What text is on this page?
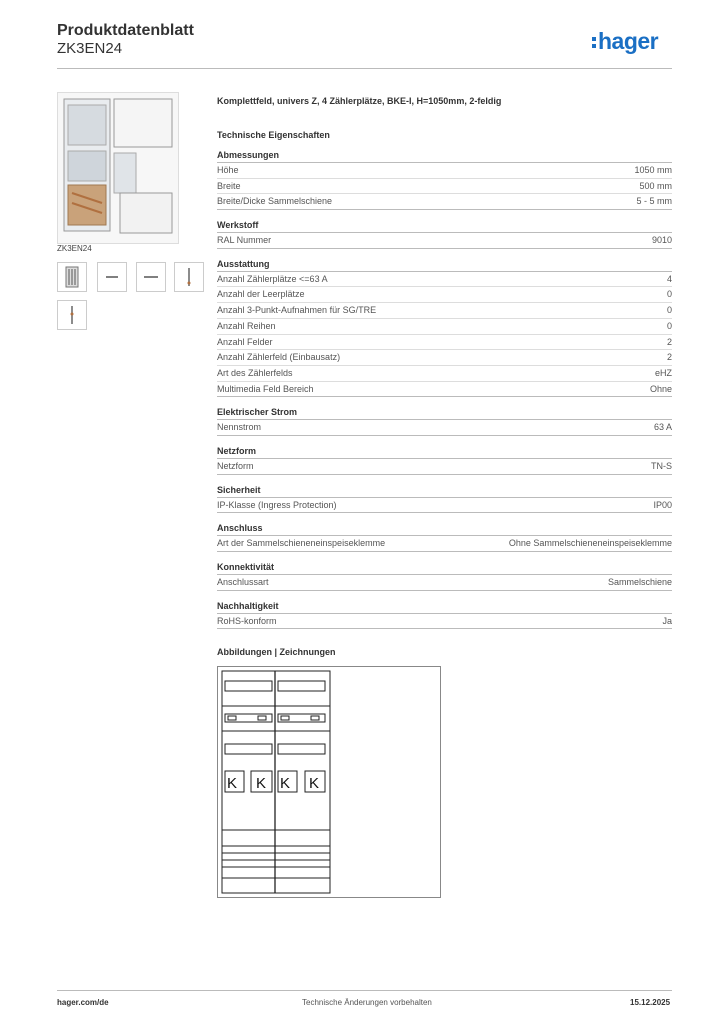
Produktdatenblatt
ZK3EN24	hager
ZK3EN24
Komplettfeld, univers Z, 4 Zählerplätze, BKE-I, H=1050mm, 2-feldig
Technische Eigenschaften
Abmessungen
Höhe	1050 mm
Breite	500 mm
Breite/Dicke Sammelschiene	5 - 5 mm
Werkstoff
RAL Nummer	9010
Ausstattung
Anzahl Zählerplätze <=63 A	4
Anzahl der Leerplätze	0
Anzahl 3-Punkt-Aufnahmen für SG/TRE	0
Anzahl Reihen	0
Anzahl Felder	2
Anzahl Zählerfeld (Einbausatz)	2
Art des Zählerfelds	eHZ
Multimedia Feld Bereich	Ohne
Elektrischer Strom
Nennstrom	63 A
Netzform
Netzform	TN-S
Sicherheit
IP-Klasse (Ingress Protection)	IP00
Anschluss
Art der Sammelschieneneinspeiseklemme	Ohne Sammelschieneneinspeiseklemme
Konnektivität
Anschlussart	Sammelschiene
Nachhaltigkeit
RoHS-konform	Ja
Abbildungen | Zeichnungen
K K K K
hager.com/de	Technische Änderungen vorbehalten	15.12.2025
